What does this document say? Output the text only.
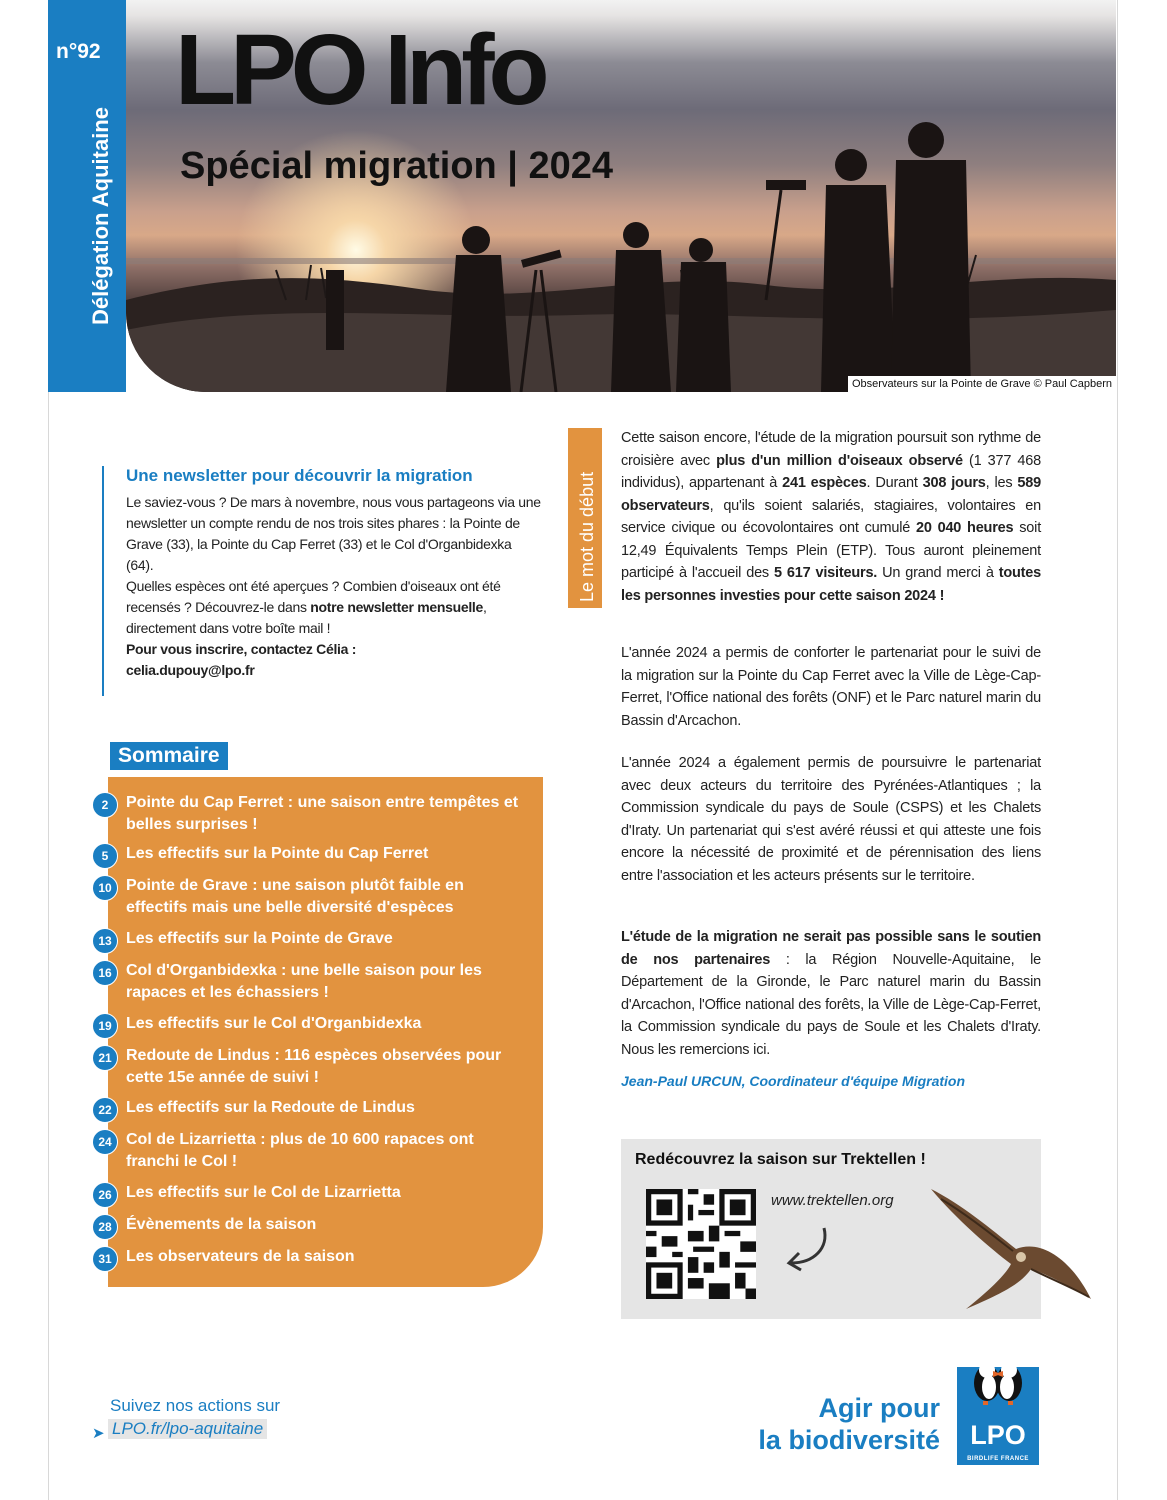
n°92
Délégation Aquitaine
Observateurs sur la Pointe de Grave © Paul Capbern
LPO Info
Spécial migration | 2024
Une newsletter pour découvrir la migration

Le saviez-vous ? De mars à novembre, nous vous partageons via une newsletter un compte rendu de nos trois sites phares : la Pointe de Grave (33), la Pointe du Cap Ferret (33) et le Col d'Organbidexka (64).

Quelles espèces ont été aperçues ? Combien d'oiseaux ont été recensés ? Découvrez-le dans notre newsletter mensuelle, directement dans votre boîte mail !

Pour vous inscrire, contactez Célia :
celia.dupouy@lpo.fr

Sommaire
2	Pointe du Cap Ferret : une saison entre tempêtes et belles surprises !
5	Les effectifs sur la Pointe du Cap Ferret
10 Pointe de Grave : une saison plutôt faible en effectifs mais une belle diversité d'espèces
13 Les effectifs sur la Pointe de Grave
16 Col d'Organbidexka : une belle saison pour les rapaces et les échassiers !
19 Les effectifs sur le Col d'Organbidexka
21 Redoute de Lindus : 116 espèces observées pour cette 15e année de suivi !
22 Les effectifs sur la Redoute de Lindus
24 Col de Lizarrietta : plus de 10 600 rapaces ont franchi le Col !
26 Les effectifs sur le Col de Lizarrietta
28 Évènements de la saison
31 Les observateurs de la saison
Le mot du début
Cette saison encore, l'étude de la migration poursuit son rythme de croisière avec plus d'un million d'oiseaux observé (1 377 468 individus), appartenant à 241 espèces. Durant 308 jours, les 589 observateurs, qu'ils soient salariés, stagiaires, volontaires en service civique ou écovolontaires ont cumulé 20 040 heures soit 12,49 Équivalents Temps Plein (ETP). Tous auront pleinement participé à l'accueil des 5 617 visiteurs. Un grand merci à toutes les personnes investies pour cette saison 2024 !
L'année 2024 a permis de conforter le partenariat pour le suivi de la migration sur la Pointe du Cap Ferret avec la Ville de Lège-Cap- Ferret, l'Office national des forêts (ONF) et le Parc naturel marin du Bassin d'Arcachon.
L'année 2024 a également permis de poursuivre le partenariat avec deux acteurs du territoire des Pyrénées-Atlantiques ; la Commission syndicale du pays de Soule (CSPS) et les Chalets d'Iraty. Un partenariat qui s'est avéré réussi et qui atteste une fois encore la nécessité de proximité et de pérennisation des liens entre l'association et les acteurs présents sur le territoire.
L'étude de la migration ne serait pas possible sans le soutien de nos partenaires : la Région Nouvelle-Aquitaine, le Département de la Gironde, le Parc naturel marin du Bassin d'Arcachon, l'Office national des forêts, la Ville de Lège-Cap-Ferret, la Commission syndicale du pays de Soule et les Chalets d'Iraty. Nous les remercions ici.
Jean-Paul URCUN, Coordinateur d'équipe Migration
Redécouvrez la saison sur Trektellen !
www.trektellen.org
Suivez nos actions sur
➤ LPO.fr/lpo-aquitaine
Agir pour
la biodiversité	LPO
BIRDLIFE FRANCE
